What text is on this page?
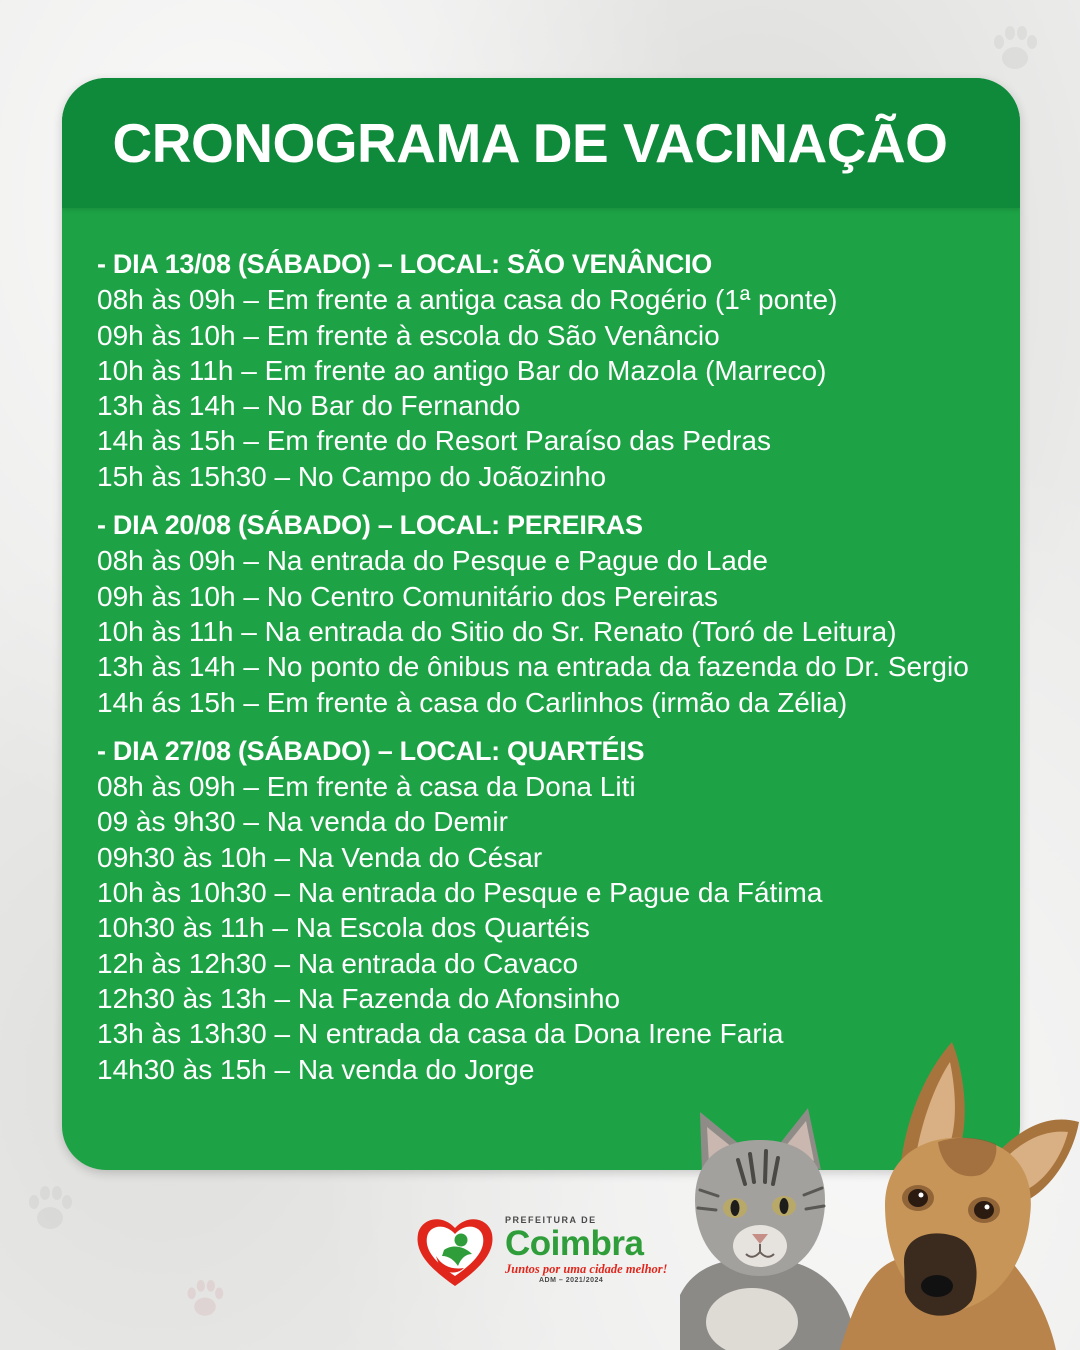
CRONOGRAMA DE VACINAÇÃO
- DIA 13/08 (SÁBADO) – LOCAL: SÃO VENÂNCIO
08h às 09h – Em frente a antiga casa do Rogério (1ª ponte)
09h às 10h – Em frente à escola do São Venâncio
10h às 11h – Em frente ao antigo Bar do Mazola (Marreco)
13h às 14h – No Bar do Fernando
14h às 15h – Em frente do Resort Paraíso das Pedras
15h às 15h30 – No Campo do Joãozinho
- DIA 20/08 (SÁBADO) – LOCAL: PEREIRAS
08h às 09h – Na entrada do Pesque e Pague do Lade
09h às 10h – No Centro Comunitário dos Pereiras
10h às 11h – Na entrada do Sitio do Sr. Renato (Toró de Leitura)
13h às 14h – No ponto de ônibus na entrada da fazenda do Dr. Sergio
14h ás 15h – Em frente à casa do Carlinhos (irmão da Zélia)
- DIA 27/08 (SÁBADO) – LOCAL: QUARTÉIS
08h às 09h – Em frente à casa da Dona Liti
09 às 9h30 – Na venda do Demir
09h30 às 10h – Na Venda do César
10h às 10h30 – Na entrada do Pesque e Pague da Fátima
10h30 às 11h – Na Escola dos Quartéis
12h às 12h30 – Na entrada do Cavaco
12h30 às 13h – Na Fazenda do Afonsinho
13h às 13h30 – N entrada da casa da Dona Irene Faria
14h30 às 15h – Na venda do Jorge
PREFEITURA DE
Coimbra
Juntos por uma cidade melhor!
ADM – 2021/2024
